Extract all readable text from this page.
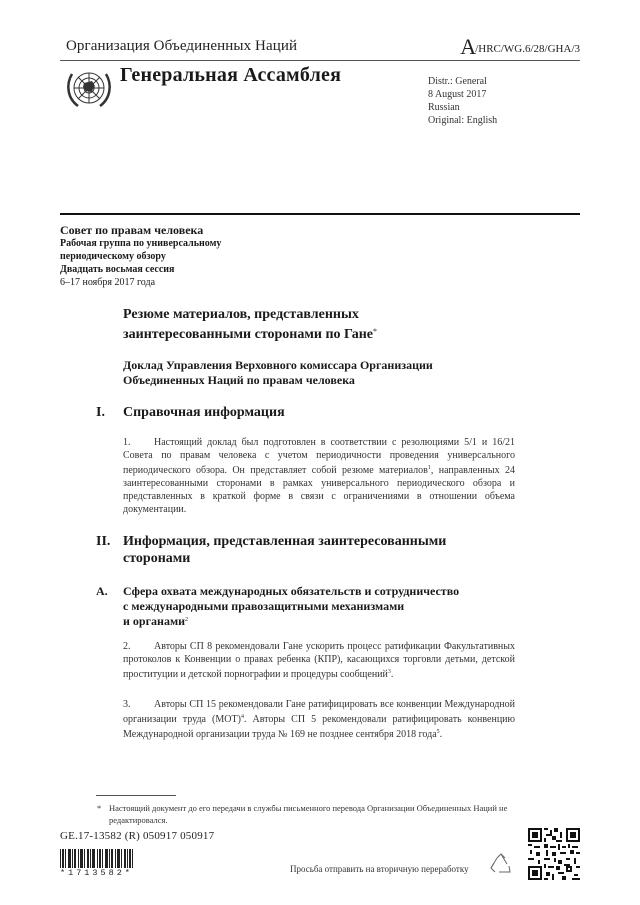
Организация Объединенных Наций	A/HRC/WG.6/28/GHA/3
Генеральная Ассамблея	Distr.: General
8 August 2017
Russian
Original: English
Совет по правам человека
Рабочая группа по универсальному
периодическому обзору
Двадцать восьмая сессия
6–17 ноября 2017 года
Резюме материалов, представленных
заинтересованными сторонами по Гане*
Доклад Управления Верховного комиссара Организации
Объединенных Наций по правам человека
I. Справочная информация
1. Настоящий доклад был подготовлен в соответствии с резолюциями 5/1 и 16/21 Совета по правам человека с учетом периодичности проведения универсального периодического обзора. Он представляет собой резюме материалов$^1$, направленных 24 заинтересованными сторонами в рамках универсального периодического обзора и представленных в краткой форме в связи с ограничениями в отношении объема документации.
II. Информация, представленная заинтересованными
сторонами
A. Сфера охвата международных обязательств и сотрудничество
с международными правозащитными механизмами
и органами$^2$
2. Авторы СП 8 рекомендовали Гане ускорить процесс ратификации Факультативных протоколов к Конвенции о правах ребенка (КПР), касающихся торговли детьми, детской проституции и детской порнографии и процедуры сообщений$^3$.
3. Авторы СП 15 рекомендовали Гане ратифицировать все конвенции Международной организации труда (МОТ)$^4$. Авторы СП 5 рекомендовали ратифицировать конвенцию Международной организации труда № 169 не позднее сентября 2018 года$^5$.
* Настоящий документ до его передачи в службы письменного перевода Организации Объединенных Наций не редактировался.
GE.17-13582 (R) 050917 050917
*1713582*	Просьба отправить на вторичную переработку
